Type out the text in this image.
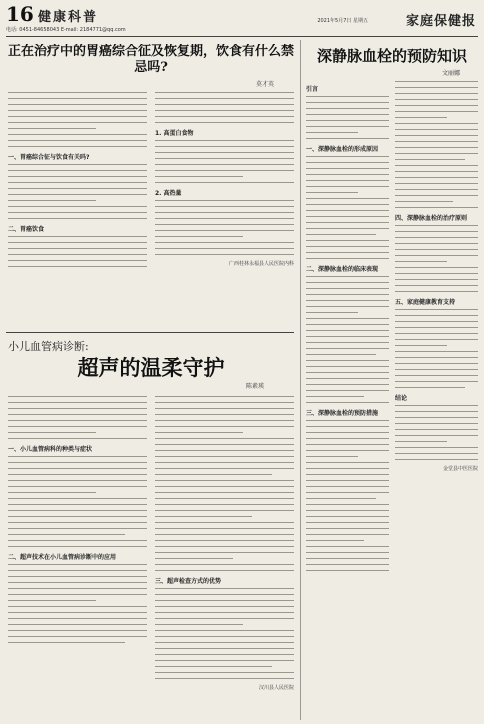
16 健康科普
电话: 0451-84658043 E-mail: 2184771@qq.com
2021年5月7日 星期五	家庭保健报
正在治疗中的胃癌综合征及恢复期，饮食有什么禁忌吗?
莫才英
一、胃癌综合征与饮食有关吗?
二、胃癌饮食
1. 高蛋白食物
2. 高热量
广西桂林永福县人民医院内科
小儿血管病诊断:
超声的温柔守护
陈素瑛
一、小儿血管病科的种类与症状
二、超声技术在小儿血管病诊断中的应用
三、超声检查方式的优势
汉川县人民医院
深静脉血栓的预防知识
文丽娜
引言
一、深静脉血栓的形成原因
二、深静脉血栓的临床表现
三、深静脉血栓的预防措施
四、深静脉血栓的治疗原则
五、家庭健康教育支持
结论
金堂县中医医院
